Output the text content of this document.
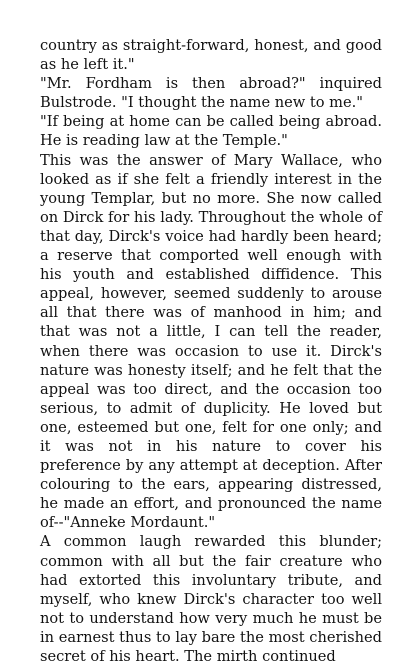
country as straight-forward, honest, and good as he left it."

"Mr. Fordham is then abroad?" inquired Bulstrode. "I thought the name new to me."

"If being at home can be called being abroad. He is reading law at the Temple."

This was the answer of Mary Wallace, who looked as if she felt a friendly interest in the young Templar, but no more. She now called on Dirck for his lady. Throughout the whole of that day, Dirck's voice had hardly been heard; a reserve that comported well enough with his youth and established diffidence. This appeal, however, seemed suddenly to arouse all that there was of manhood in him; and that was not a little, I can tell the reader, when there was occasion to use it. Dirck's nature was honesty itself; and he felt that the appeal was too direct, and the occasion too serious, to admit of duplicity. He loved but one, esteemed but one, felt for one only; and it was not in his nature to cover his preference by any attempt at deception. After colouring to the ears, appearing distressed, he made an effort, and pronounced the name of--"Anneke Mordaunt."

A common laugh rewarded this blunder; common with all but the fair creature who had extorted this involuntary tribute, and myself, who knew Dirck's character too well not to understand how very much he must be in earnest thus to lay bare the most cherished secret of his heart. The mirth continued
